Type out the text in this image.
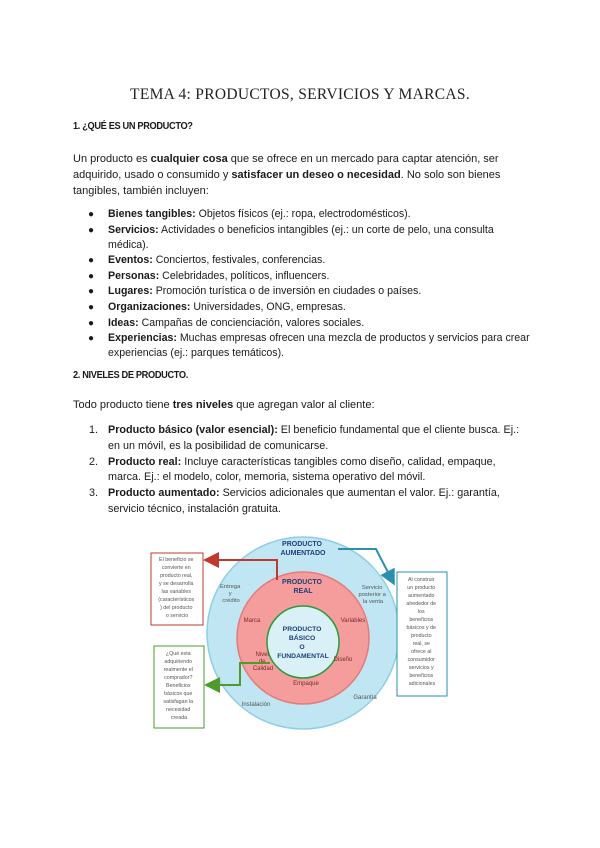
TEMA 4: PRODUCTOS, SERVICIOS Y MARCAS.
1. ¿QUÉ ES UN PRODUCTO?
Un producto es cualquier cosa que se ofrece en un mercado para captar atención, ser adquirido, usado o consumido y satisfacer un deseo o necesidad. No solo son bienes tangibles, también incluyen:
● Bienes tangibles: Objetos físicos (ej.: ropa, electrodomésticos).
● Servicios: Actividades o beneficios intangibles (ej.: un corte de pelo, una consulta médica).
● Eventos: Conciertos, festivales, conferencias.
● Personas: Celebridades, políticos, influencers.
● Lugares: Promoción turística o de inversión en ciudades o países.
● Organizaciones: Universidades, ONG, empresas.
● Ideas: Campañas de concienciación, valores sociales.
● Experiencias: Muchas empresas ofrecen una mezcla de productos y servicios para crear experiencias (ej.: parques temáticos).
2. NIVELES DE PRODUCTO.
Todo producto tiene tres niveles que agregan valor al cliente:
1. Producto básico (valor esencial): El beneficio fundamental que el cliente busca. Ej.: en un móvil, es la posibilidad de comunicarse.
2. Producto real: Incluye características tangibles como diseño, calidad, empaque, marca. Ej.: el modelo, color, memoria, sistema operativo del móvil.
3. Producto aumentado: Servicios adicionales que aumentan el valor. Ej.: garantía, servicio técnico, instalación gratuita.
PRODUCTO AUMENTADO
PRODUCTO REAL
PRODUCTO BÁSICO O FUNDAMENTAL
Entrega y crédito
Servicio posterior a la venta
Instalación
Garantía
Marca	Variables
Nivel de Calidad
Diseño
Empaque
El beneficio se convierte en producto real, y se desarrolla las variables (característicos ) del producto o servicio
¿Qué esta adquiriendo realmente el comprador? Beneficios básicos que satisfagan la necesidad creada
Al construir un producto aumentado alrededor de los beneficios básicos y de producto real, se ofrece al consumidor servicios y beneficios adicionales
